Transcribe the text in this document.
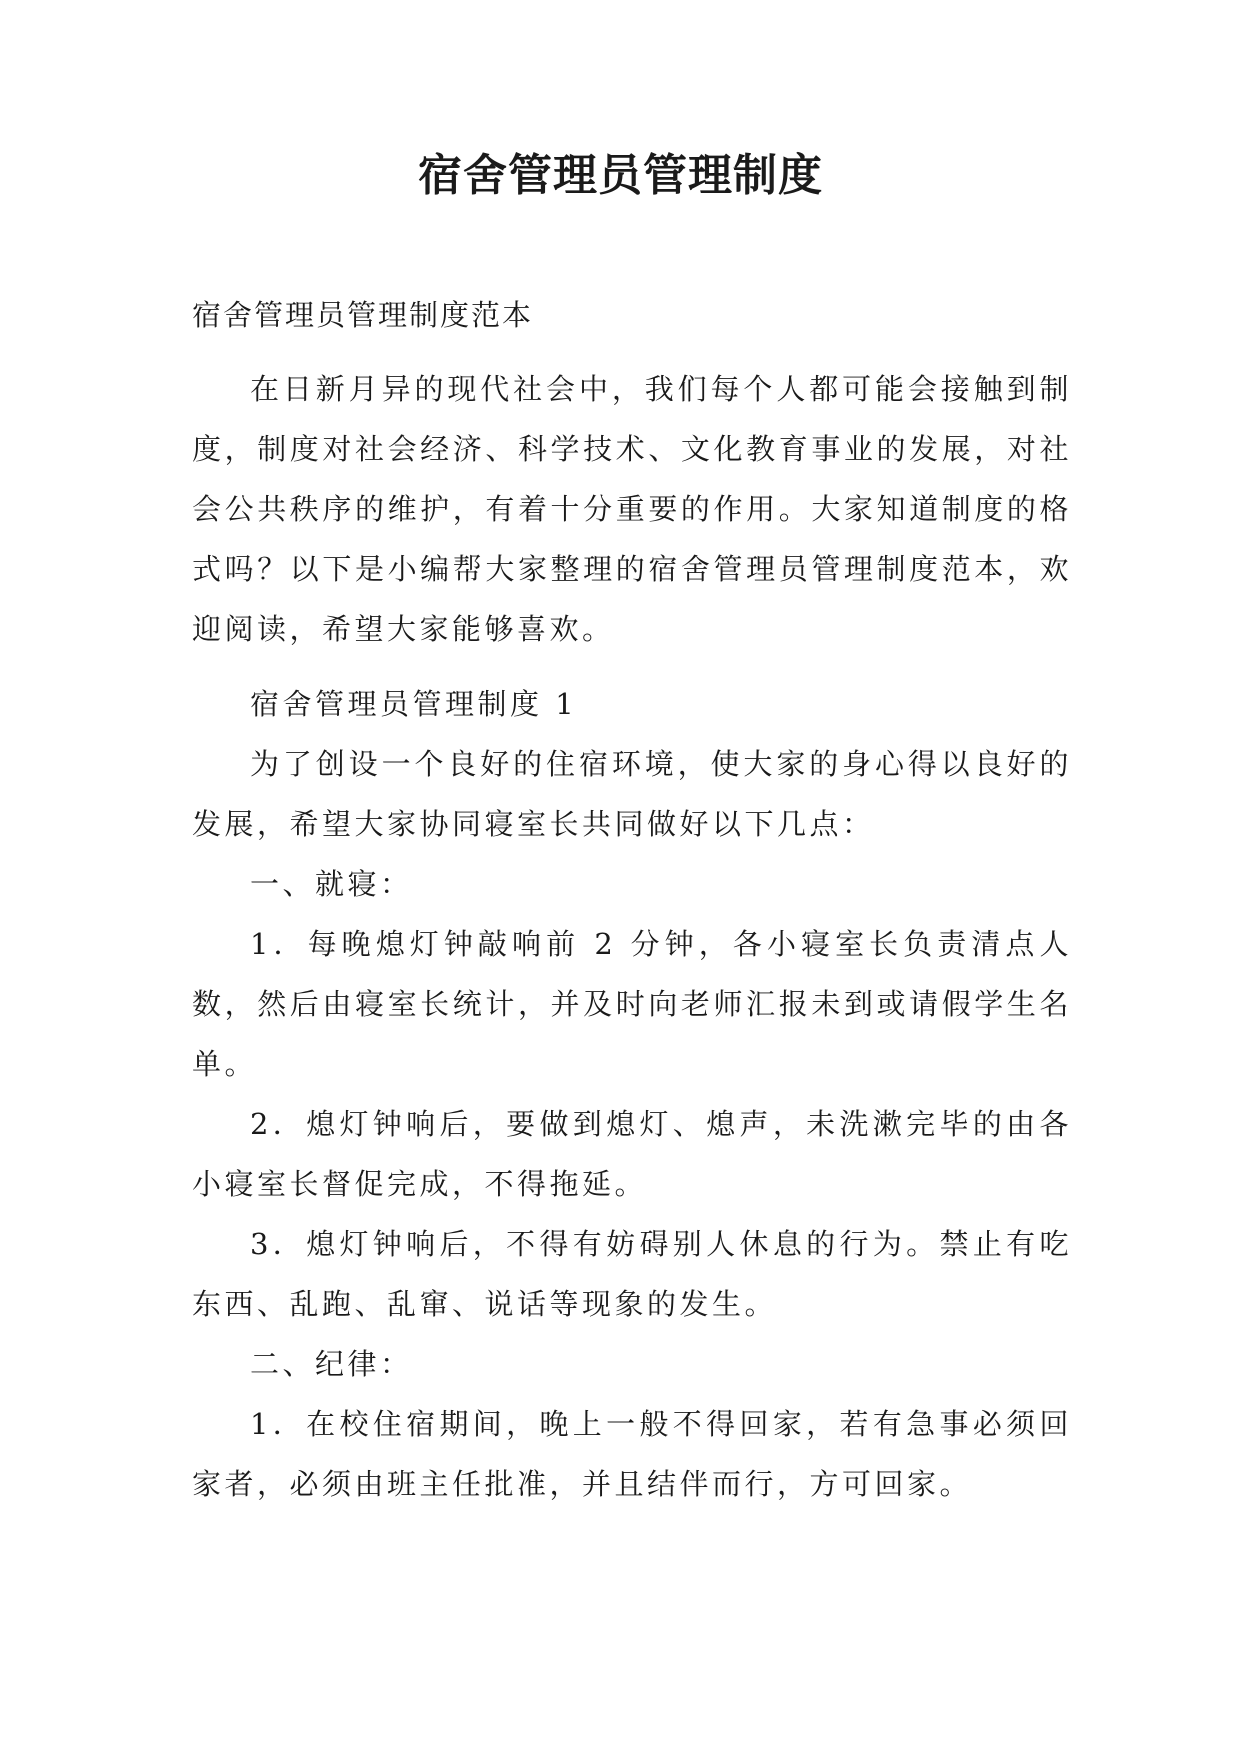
宿舍管理员管理制度

宿舍管理员管理制度范本

在日新月异的现代社会中，我们每个人都可能会接触到制度，制度对社会经济、科学技术、文化教育事业的发展，对社会公共秩序的维护，有着十分重要的作用。大家知道制度的格式吗？以下是小编帮大家整理的宿舍管理员管理制度范本，欢迎阅读，希望大家能够喜欢。

宿舍管理员管理制度 1

为了创设一个良好的住宿环境，使大家的身心得以良好的发展，希望大家协同寝室长共同做好以下几点：

一、就寝：

1．每晚熄灯钟敲响前 2 分钟，各小寝室长负责清点人数，然后由寝室长统计，并及时向老师汇报未到或请假学生名单。

2．熄灯钟响后，要做到熄灯、熄声，未洗漱完毕的由各小寝室长督促完成，不得拖延。

3．熄灯钟响后，不得有妨碍别人休息的行为。禁止有吃东西、乱跑、乱窜、说话等现象的发生。

二、纪律：

1．在校住宿期间，晚上一般不得回家，若有急事必须回家者，必须由班主任批准，并且结伴而行，方可回家。
